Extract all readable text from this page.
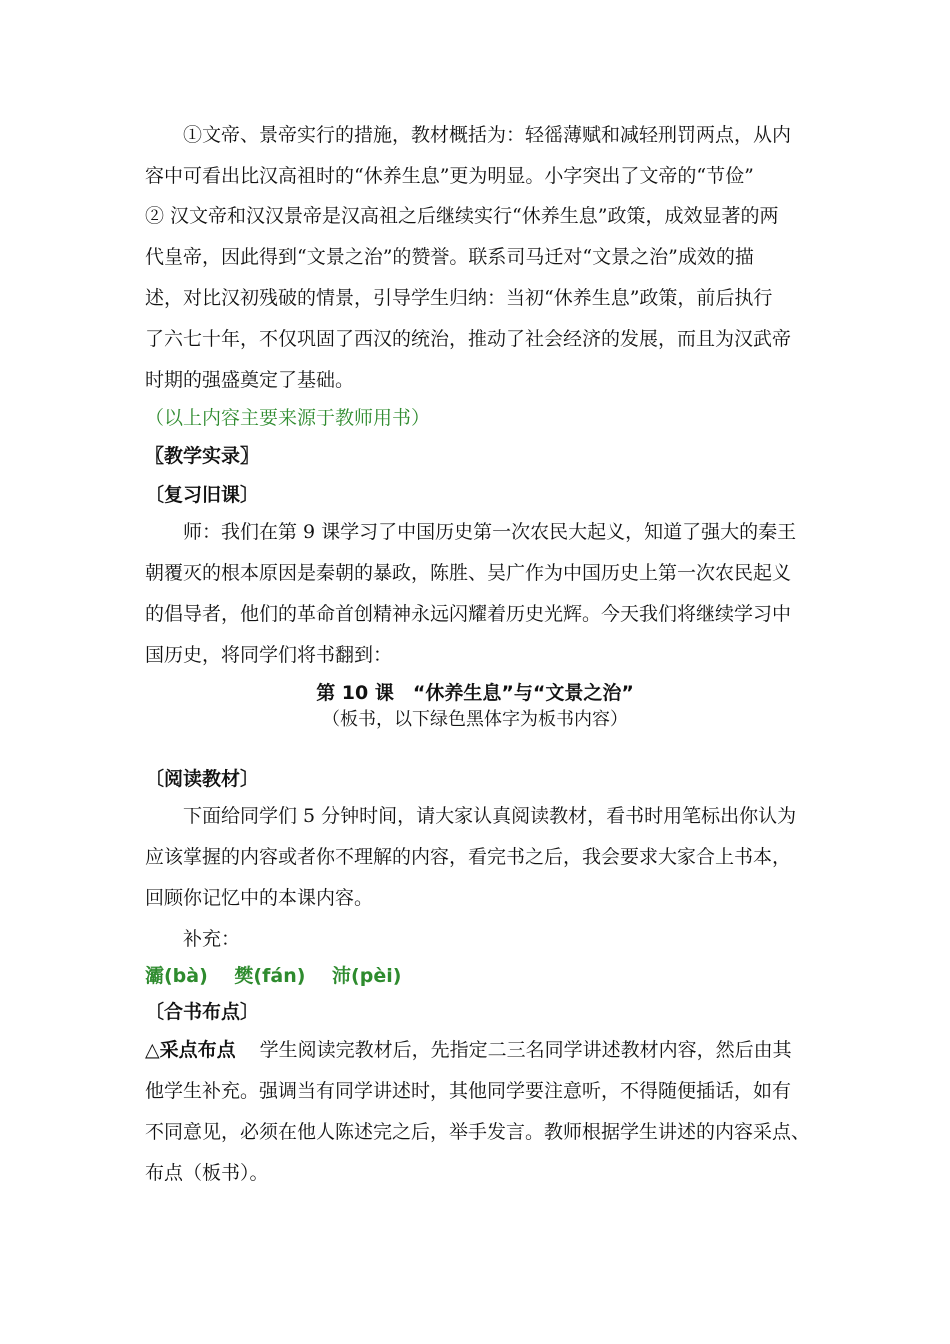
①文帝、景帝实行的措施，教材概括为：轻徭薄赋和减轻刑罚两点，从内
容中可看出比汉高祖时的“休养生息”更为明显。小字突出了文帝的“节俭”
② 汉文帝和汉汉景帝是汉高祖之后继续实行“休养生息”政策，成效显著的两
代皇帝，因此得到“文景之治”的赞誉。联系司马迁对“文景之治”成效的描
述，对比汉初残破的情景，引导学生归纳：当初“休养生息”政策，前后执行
了六七十年，不仅巩固了西汉的统治，推动了社会经济的发展，而且为汉武帝
时期的强盛奠定了基础。
（以上内容主要来源于教师用书）
〖教学实录〗
〔复习旧课〕
师：我们在第 9 课学习了中国历史第一次农民大起义，知道了强大的秦王
朝覆灭的根本原因是秦朝的暴政，陈胜、吴广作为中国历史上第一次农民起义
的倡导者，他们的革命首创精神永远闪耀着历史光辉。今天我们将继续学习中
国历史，将同学们将书翻到：
第 10 课　“休养生息”与“文景之治”
（板书，以下绿色黑体字为板书内容）
〔阅读教材〕
下面给同学们 5 分钟时间，请大家认真阅读教材，看书时用笔标出你认为
应该掌握的内容或者你不理解的内容，看完书之后，我会要求大家合上书本，
回顾你记忆中的本课内容。
补充：
灞(bà) 樊(fán) 沛(pèi)
〔合书布点〕
△采点布点 学生阅读完教材后，先指定二三名同学讲述教材内容，然后由其
他学生补充。强调当有同学讲述时，其他同学要注意听，不得随便插话，如有
不同意见，必须在他人陈述完之后，举手发言。教师根据学生讲述的内容采点、
布点（板书）。
